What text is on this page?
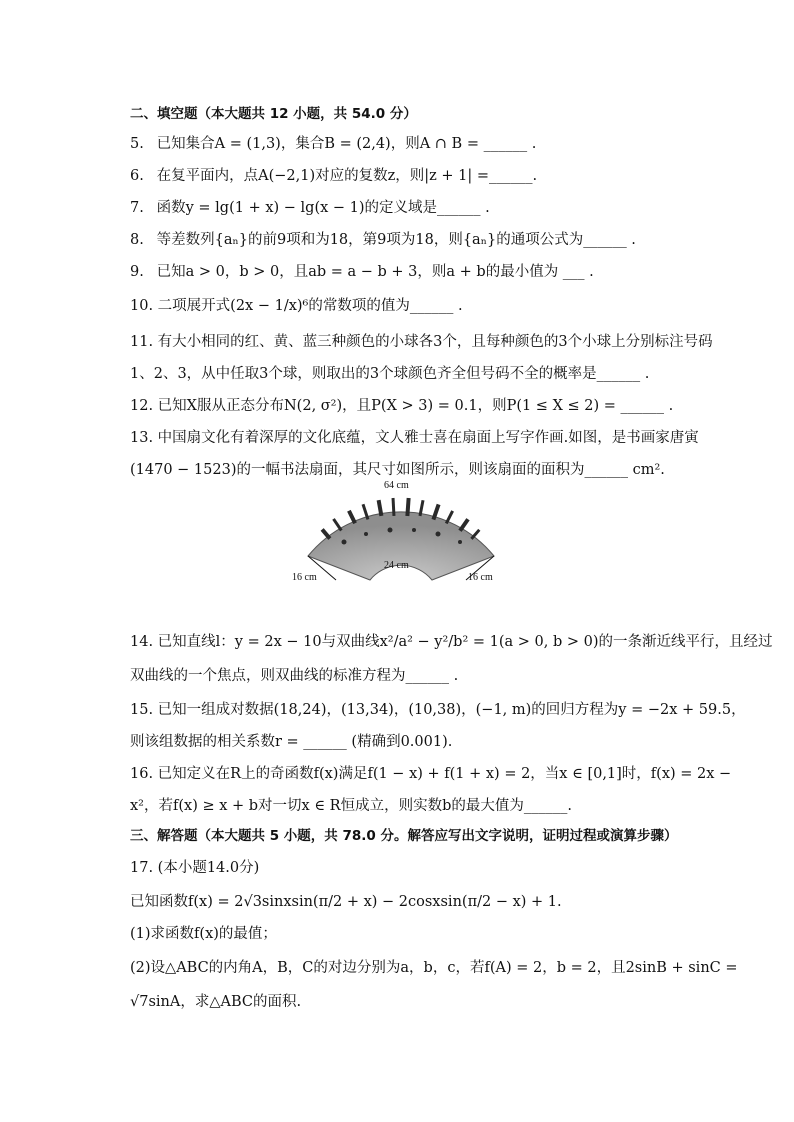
二、填空题（本大题共 12 小题，共 54.0 分）
5. 已知集合A = (1,3)，集合B = (2,4)，则A ∩ B = ______ .
6. 在复平面内，点A(−2,1)对应的复数z，则|z + 1| =______.
7. 函数y = lg(1 + x) − lg(x − 1)的定义域是______ .
8. 等差数列{aₙ}的前9项和为18，第9项为18，则{aₙ}的通项公式为______ .
9. 已知a > 0，b > 0，且ab = a − b + 3，则a + b的最小值为 ___ .
10. 二项展开式(2x − 1/x)⁶的常数项的值为______ .
11. 有大小相同的红、黄、蓝三种颜色的小球各3个，且每种颜色的3个小球上分别标注号码
1、2、3，从中任取3个球，则取出的3个球颜色齐全但号码不全的概率是______ .
12. 已知X服从正态分布N(2, σ²)，且P(X > 3) = 0.1，则P(1 ≤ X ≤ 2) = ______ .
13. 中国扇文化有着深厚的文化底蕴，文人雅士喜在扇面上写字作画.如图，是书画家唐寅
(1470 − 1523)的一幅书法扇面，其尺寸如图所示，则该扇面的面积为______ cm².
64 cm
24 cm
16 cm	16 cm
14. 已知直线l：y = 2x − 10与双曲线x²/a² − y²/b² = 1(a > 0, b > 0)的一条渐近线平行，且经过
双曲线的一个焦点，则双曲线的标准方程为______ .
15. 已知一组成对数据(18,24)，(13,34)，(10,38)，(−1, m)的回归方程为y = −2x + 59.5，
则该组数据的相关系数r = ______ (精确到0.001).
16. 已知定义在R上的奇函数f(x)满足f(1 − x) + f(1 + x) = 2，当x ∈ [0,1]时，f(x) = 2x −
x²，若f(x) ≥ x + b对一切x ∈ R恒成立，则实数b的最大值为______.
三、解答题（本大题共 5 小题，共 78.0 分。解答应写出文字说明，证明过程或演算步骤）
17. (本小题14.0分)
已知函数f(x) = 2√3sinxsin(π/2 + x) − 2cosxsin(π/2 − x) + 1.
(1)求函数f(x)的最值；
(2)设△ABC的内角A，B，C的对边分别为a，b，c，若f(A) = 2，b = 2，且2sinB + sinC =
√7sinA，求△ABC的面积.
